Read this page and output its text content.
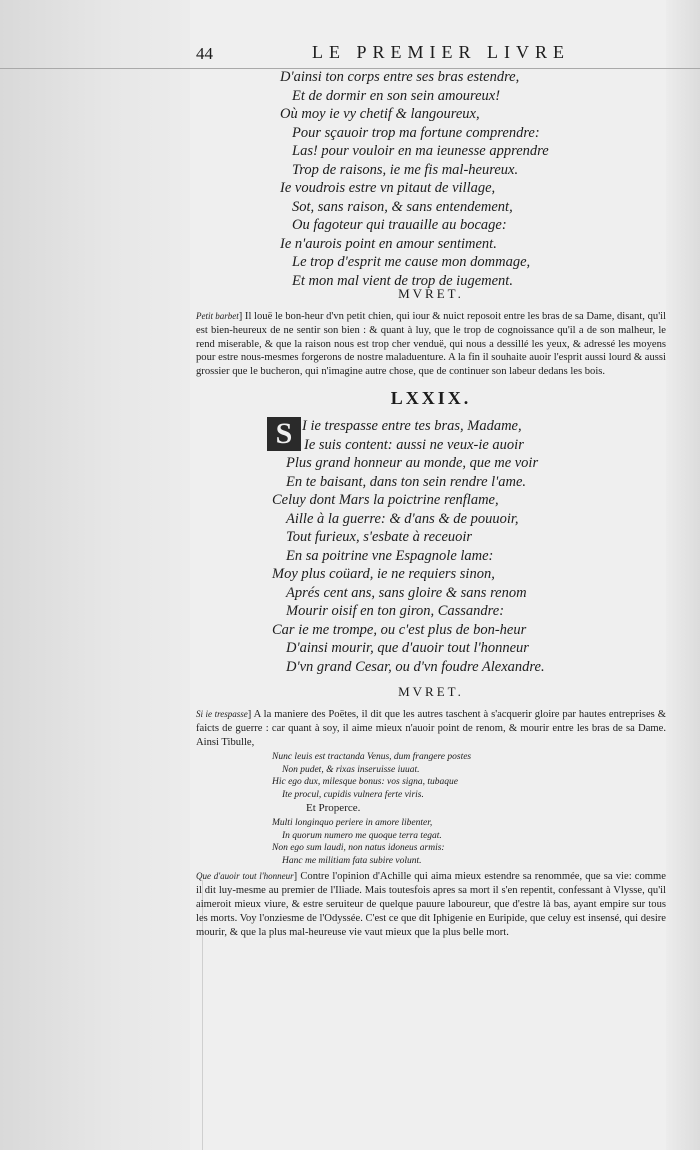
44	LE PREMIER LIVRE
D'ainsi ton corps entre ses bras estendre,
Et de dormir en son sein amoureux!
Où moy ie vy chetif & langoureux,
Pour sçauoir trop ma fortune comprendre:
Las! pour vouloir en ma ieunesse apprendre
Trop de raisons, ie me fis mal-heureux.
Ie voudrois estre vn pitaut de village,
Sot, sans raison, & sans entendement,
Ou fagoteur qui trauaille au bocage:
Ie n'aurois point en amour sentiment.
Le trop d'esprit me cause mon dommage,
Et mon mal vient de trop de iugement.
MVRET.

Petit barbet] Il louë le bon-heur d'vn petit chien, qui iour & nuict reposoit entre les bras de sa Dame, disant, qu'il est bien-heureux de ne sentir son bien : & quant à luy, que le trop de cognoissance qu'il a de son malheur, le rend miserable, & que la raison nous est trop cher venduë, qui nous a dessillé les yeux, & adressé les moyens pour estre nous-mesmes forgerons de nostre maladuenture. A la fin il souhaite auoir l'esprit aussi lourd & aussi grossier que le bucheron, qui n'imagine autre chose, que de continuer son labeur dedans les bois.

LXXIX.
S I ie trespasse entre tes bras, Madame,
Ie suis content: aussi ne veux-ie auoir
Plus grand honneur au monde, que me voir
En te baisant, dans ton sein rendre l'ame.
Celuy dont Mars la poictrine renflame,
Aille à la guerre: & d'ans & de pouuoir,
Tout furieux, s'esbate à receuoir
En sa poitrine vne Espagnole lame:
Moy plus coüard, ie ne requiers sinon,
Aprés cent ans, sans gloire & sans renom
Mourir oisif en ton giron, Cassandre:
Car ie me trompe, ou c'est plus de bon-heur
D'ainsi mourir, que d'auoir tout l'honneur
D'vn grand Cesar, ou d'vn foudre Alexandre.
MVRET.

Si ie trespasse] A la maniere des Poëtes, il dit que les autres taschent à s'acquerir gloire par hautes entreprises & faicts de guerre : car quant à soy, il aime mieux n'auoir point de renom, & mourir entre les bras de sa Dame. Ainsi Tibulle,

Nunc leuis est tractanda Venus, dum frangere postes
Non pudet, & rixas inseruisse iuuat.
Hic ego dux, milesque bonus: vos signa, tubaque
Ite procul, cupidis vulnera ferte viris.
Et Properce.
Multi longinquo periere in amore libenter,
In quorum numero me quoque terra tegat.
Non ego sum laudi, non natus idoneus armis:
Hanc me militiam fata subire volunt.

Que d'auoir tout l'honneur] Contre l'opinion d'Achille qui aima mieux estendre sa renommée, que sa vie: comme il dit luy-mesme au premier de l'Iliade. Mais toutesfois apres sa mort il s'en repentit, confessant à Vlysse, qu'il aimeroit mieux viure, & estre seruiteur de quelque pauure laboureur, que d'estre là bas, ayant empire sur tous les morts. Voy l'onziesme de l'Odyssée. C'est ce que dit Iphigenie en Euripide, que celuy est insensé, qui desire mourir, & que la plus mal-heureuse vie vaut mieux que la plus belle mort.
